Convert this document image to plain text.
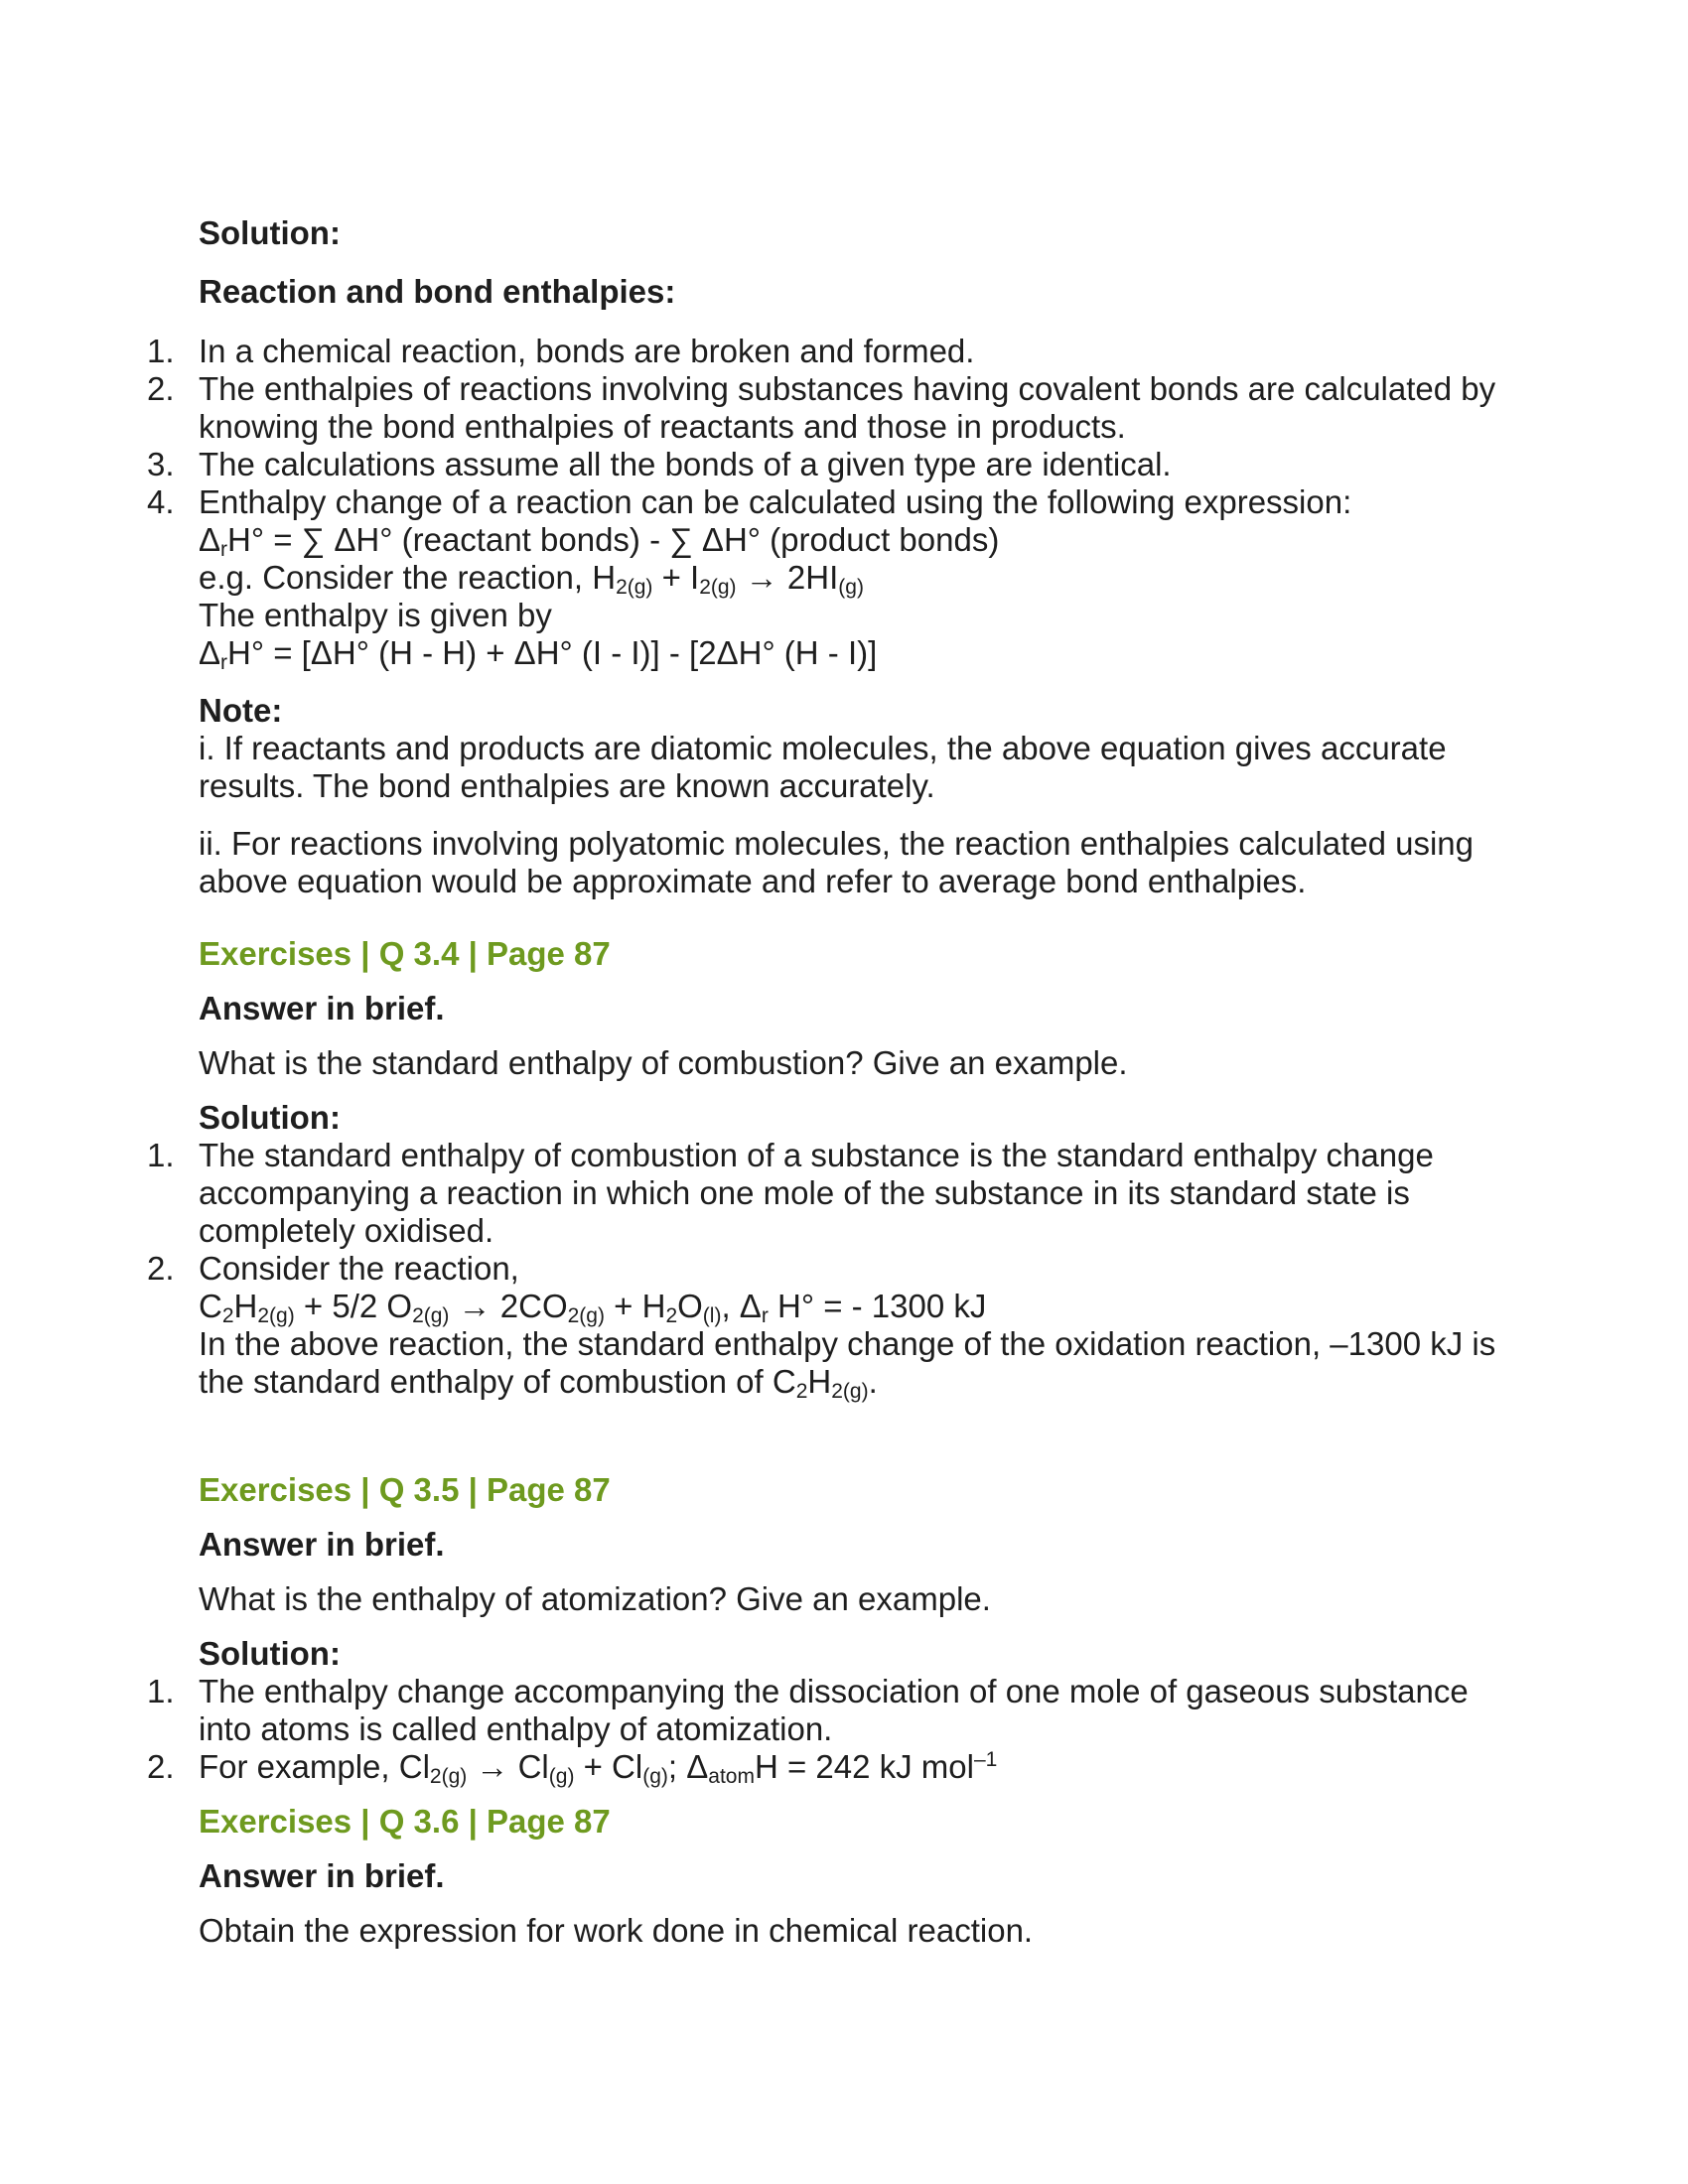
Solution:
Reaction and bond enthalpies:
1. In a chemical reaction, bonds are broken and formed.
2. The enthalpies of reactions involving substances having covalent bonds are calculated by knowing the bond enthalpies of reactants and those in products.
3. The calculations assume all the bonds of a given type are identical.
4. Enthalpy change of a reaction can be calculated using the following expression:
$\Delta_rH^\circ$ = ∑ ΔH° (reactant bonds) - ∑ ΔH° (product bonds)
e.g. Consider the reaction, $H_{2(g)} + I_{2(g)} \to 2HI_{(g)}$
The enthalpy is given by
$\Delta_rH^\circ = [\Delta H^\circ$ (H - H) + ΔH° (I - I)] - [2ΔH° (H - I)]
Note:
i. If reactants and products are diatomic molecules, the above equation gives accurate results. The bond enthalpies are known accurately.
ii. For reactions involving polyatomic molecules, the reaction enthalpies calculated using above equation would be approximate and refer to average bond enthalpies.
Exercises | Q 3.4 | Page 87
Answer in brief.
What is the standard enthalpy of combustion? Give an example.
Solution:
1. The standard enthalpy of combustion of a substance is the standard enthalpy change accompanying a reaction in which one mole of the substance in its standard state is completely oxidised.
2. Consider the reaction,
$C_2H_{2(g)} + 5/2$ $O_{2(g)} \to 2CO_{2(g)} + H_2O_{(l)}$, $\Delta_r$ H° = - 1300 kJ
In the above reaction, the standard enthalpy change of the oxidation reaction, –1300 kJ is the standard enthalpy of combustion of $C_2H_{2(g)}$.
Exercises | Q 3.5 | Page 87
Answer in brief.
What is the enthalpy of atomization? Give an example.
Solution:
1. The enthalpy change accompanying the dissociation of one mole of gaseous substance into atoms is called enthalpy of atomization.
2. For example, $Cl_{2(g)} \to Cl_{(g)} + Cl_{(g)}$; $\Delta_{atom}H = 242$ kJ mol$^{-1}$
Exercises | Q 3.6 | Page 87
Answer in brief.
Obtain the expression for work done in chemical reaction.
